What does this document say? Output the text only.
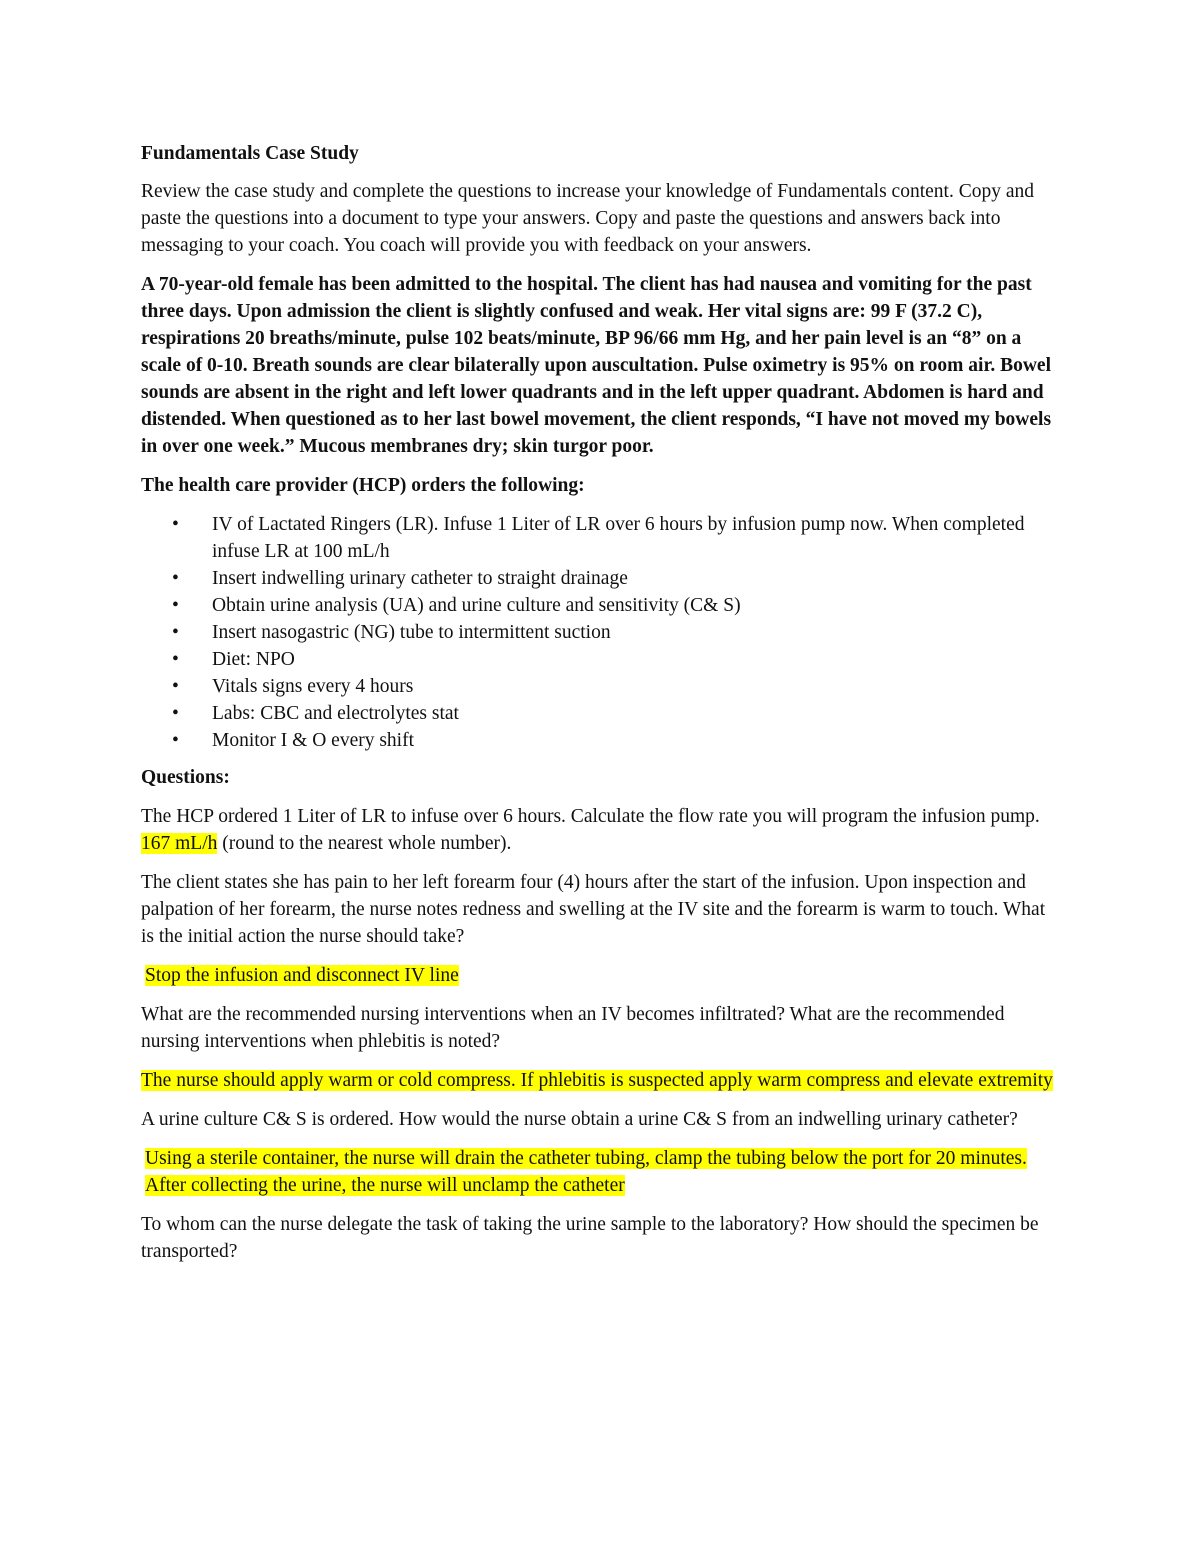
Fundamentals Case Study

Review the case study and complete the questions to increase your knowledge of Fundamentals content. Copy and paste the questions into a document to type your answers. Copy and paste the questions and answers back into messaging to your coach. You coach will provide you with feedback on your answers.

A 70-year-old female has been admitted to the hospital. The client has had nausea and vomiting for the past three days. Upon admission the client is slightly confused and weak. Her vital signs are: 99 F (37.2 C), respirations 20 breaths/minute, pulse 102 beats/minute, BP 96/66 mm Hg, and her pain level is an “8” on a scale of 0-10. Breath sounds are clear bilaterally upon auscultation. Pulse oximetry is 95% on room air. Bowel sounds are absent in the right and left lower quadrants and in the left upper quadrant. Abdomen is hard and distended. When questioned as to her last bowel movement, the client responds, “I have not moved my bowels in over one week.” Mucous membranes dry; skin turgor poor.

The health care provider (HCP) orders the following:

• IV of Lactated Ringers (LR). Infuse 1 Liter of LR over 6 hours by infusion pump now. When completed infuse LR at 100 mL/h
• Insert indwelling urinary catheter to straight drainage
• Obtain urine analysis (UA) and urine culture and sensitivity (C& S)
• Insert nasogastric (NG) tube to intermittent suction
• Diet: NPO
• Vitals signs every 4 hours
• Labs: CBC and electrolytes stat
• Monitor I & O every shift

Questions:

The HCP ordered 1 Liter of LR to infuse over 6 hours. Calculate the flow rate you will program the infusion pump. 167 mL/h (round to the nearest whole number).

The client states she has pain to her left forearm four (4) hours after the start of the infusion. Upon inspection and palpation of her forearm, the nurse notes redness and swelling at the IV site and the forearm is warm to touch. What is the initial action the nurse should take?

Stop the infusion and disconnect IV line

What are the recommended nursing interventions when an IV becomes infiltrated? What are the recommended nursing interventions when phlebitis is noted?

The nurse should apply warm or cold compress. If phlebitis is suspected apply warm compress and elevate extremity

A urine culture C& S is ordered. How would the nurse obtain a urine C& S from an indwelling urinary catheter?

Using a sterile container, the nurse will drain the catheter tubing, clamp the tubing below the port for 20 minutes. After collecting the urine, the nurse will unclamp the catheter

To whom can the nurse delegate the task of taking the urine sample to the laboratory? How should the specimen be transported?
